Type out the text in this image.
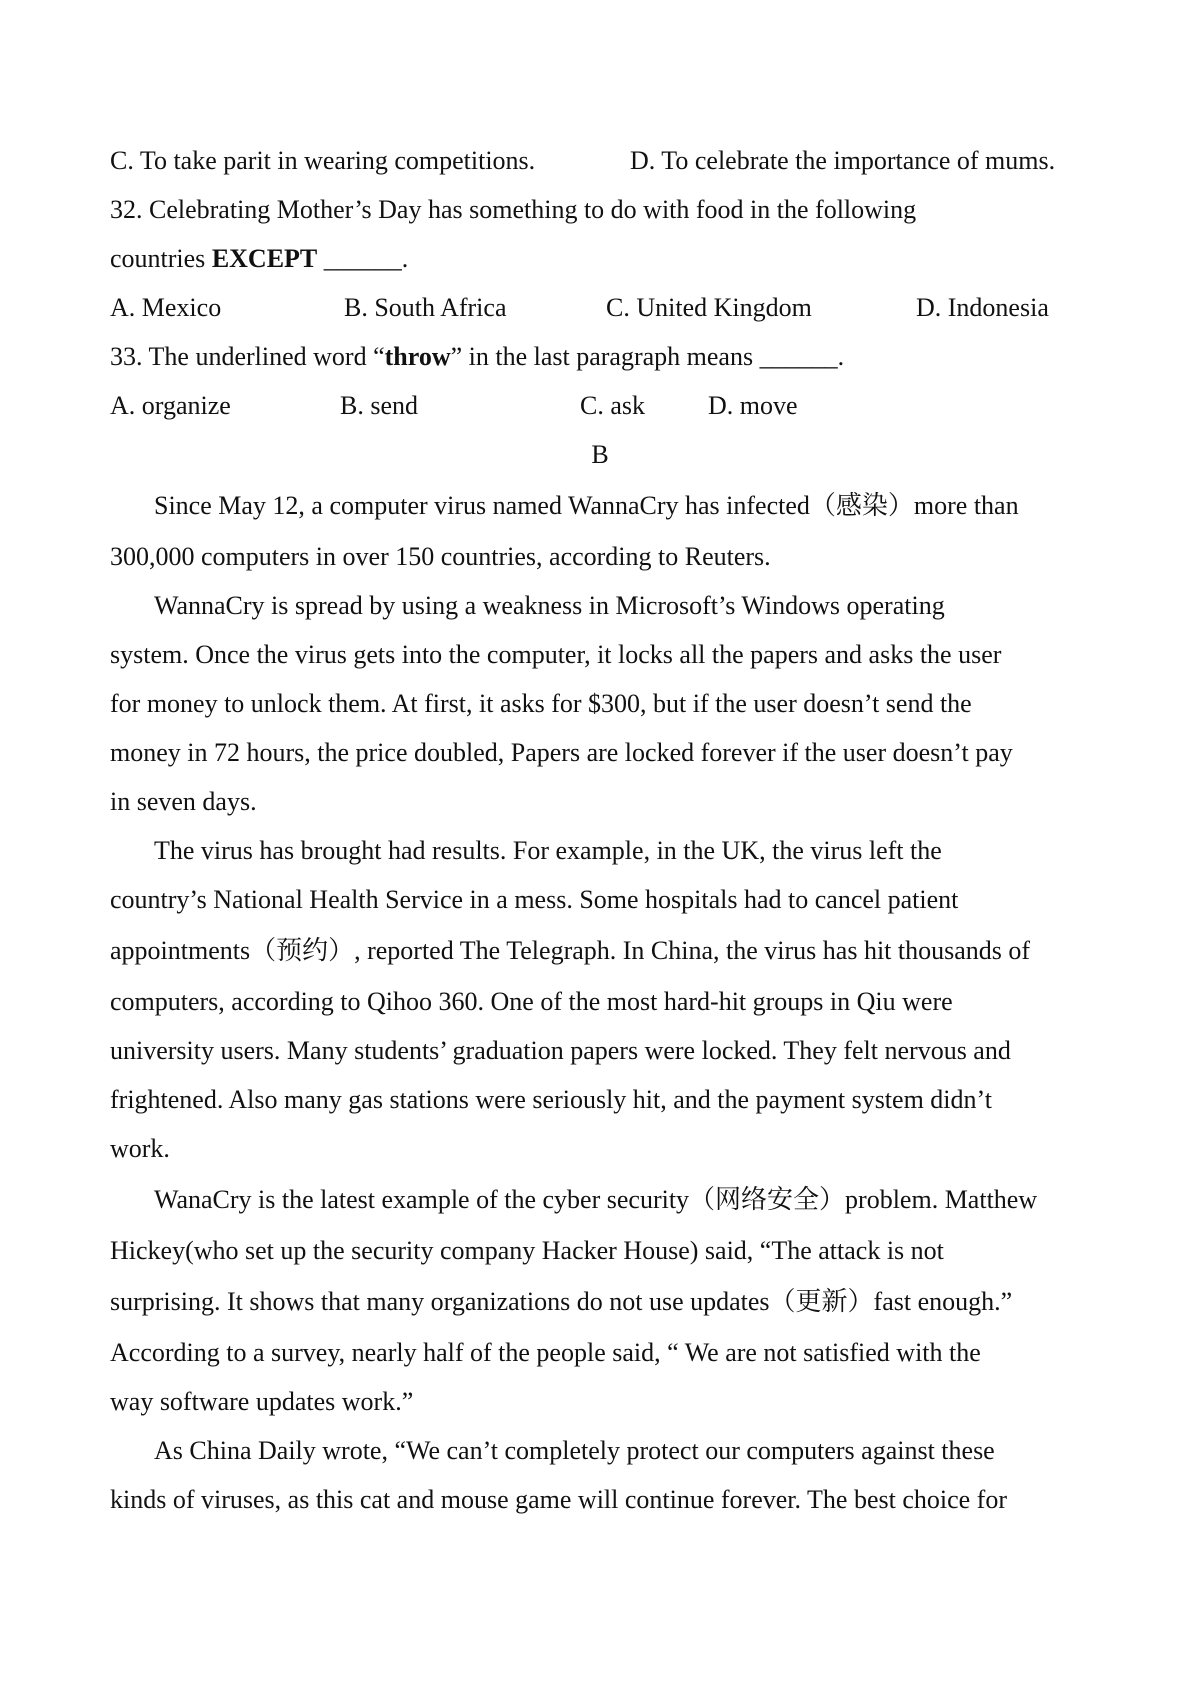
C. To take parit in wearing competitions.	D. To celebrate the importance of mums.
32. Celebrating Mother’s Day has something to do with food in the following
countries EXCEPT ______.
A. Mexico	B. South Africa	C. United Kingdom	D. Indonesia
33. The underlined word “throw” in the last paragraph means ______.
A. organize	B. send	C. ask D. move
B
Since May 12, a computer virus named WannaCry has infected（感染）more than
300,000 computers in over 150 countries, according to Reuters.
WannaCry is spread by using a weakness in Microsoft’s Windows operating
system. Once the virus gets into the computer, it locks all the papers and asks the user
for money to unlock them. At first, it asks for $300, but if the user doesn’t send the
money in 72 hours, the price doubled, Papers are locked forever if the user doesn’t pay
in seven days.
The virus has brought had results. For example, in the UK, the virus left the
country’s National Health Service in a mess. Some hospitals had to cancel patient
appointments（预约）, reported The Telegraph. In China, the virus has hit thousands of
computers, according to Qihoo 360. One of the most hard-hit groups in Qiu were
university users. Many students’ graduation papers were locked. They felt nervous and
frightened. Also many gas stations were seriously hit, and the payment system didn’t
work.
WanaCry is the latest example of the cyber security（网络安全）problem. Matthew
Hickey(who set up the security company Hacker House) said, “The attack is not
surprising. It shows that many organizations do not use updates（更新）fast enough.”
According to a survey, nearly half of the people said, “ We are not satisfied with the
way software updates work.”
As China Daily wrote, “We can’t completely protect our computers against these
kinds of viruses, as this cat and mouse game will continue forever. The best choice for
